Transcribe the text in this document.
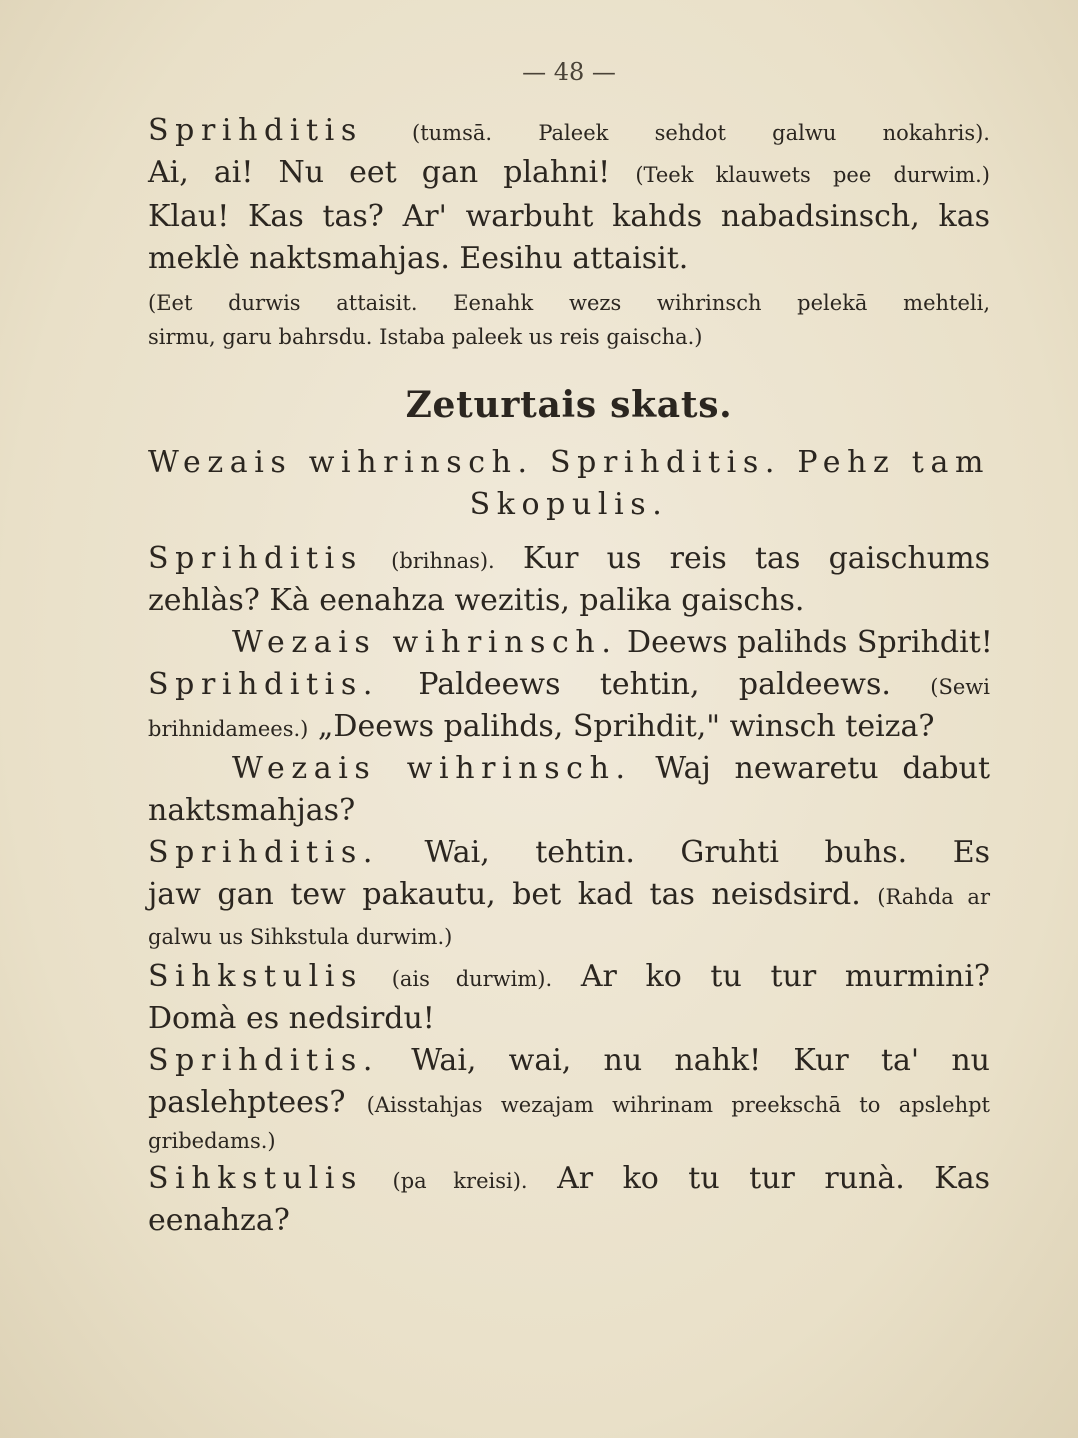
— 48 —
Sprihditis (tumsā. Paleek sehdot galwu nokahris).
Ai, ai! Nu eet gan plahni! (Teek klauwets pee durwim.)
Klau! Kas tas? Ar' warbuht kahds nabadsinsch, kas
meklè naktsmahjas. Eesihu attaisit.
(Eet durwis attaisit. Eenahk wezs wihrinsch pelekā mehteli,
sirmu, garu bahrsdu. Istaba paleek us reis gaischa.)
Zeturtais skats.
Wezais wihrinsch. Sprihditis. Pehz tam
Skopulis.
Sprihditis (brihnas). Kur us reis tas gaischums
zehlàs? Kà eenahza wezitis, palika gaischs.
Wezais wihrinsch. Deews palihds Sprihdit!
Sprihditis. Paldeews tehtin, paldeews. (Sewi
brihnidamees.) „Deews palihds, Sprihdit," winsch teiza?
Wezais wihrinsch. Waj newaretu dabut
naktsmahjas?
Sprihditis. Wai, tehtin. Gruhti buhs. Es
jaw gan tew pakautu, bet kad tas neisdsird. (Rahda ar
galwu us Sihkstula durwim.)
Sihkstulis (ais durwim). Ar ko tu tur murmini?
Domà es nedsirdu!
Sprihditis. Wai, wai, nu nahk! Kur ta' nu
paslehptees? (Aisstahjas wezajam wihrinam preekschā to apslehpt
gribedams.)
Sihkstulis (pa kreisi). Ar ko tu tur runà. Kas
eenahza?
